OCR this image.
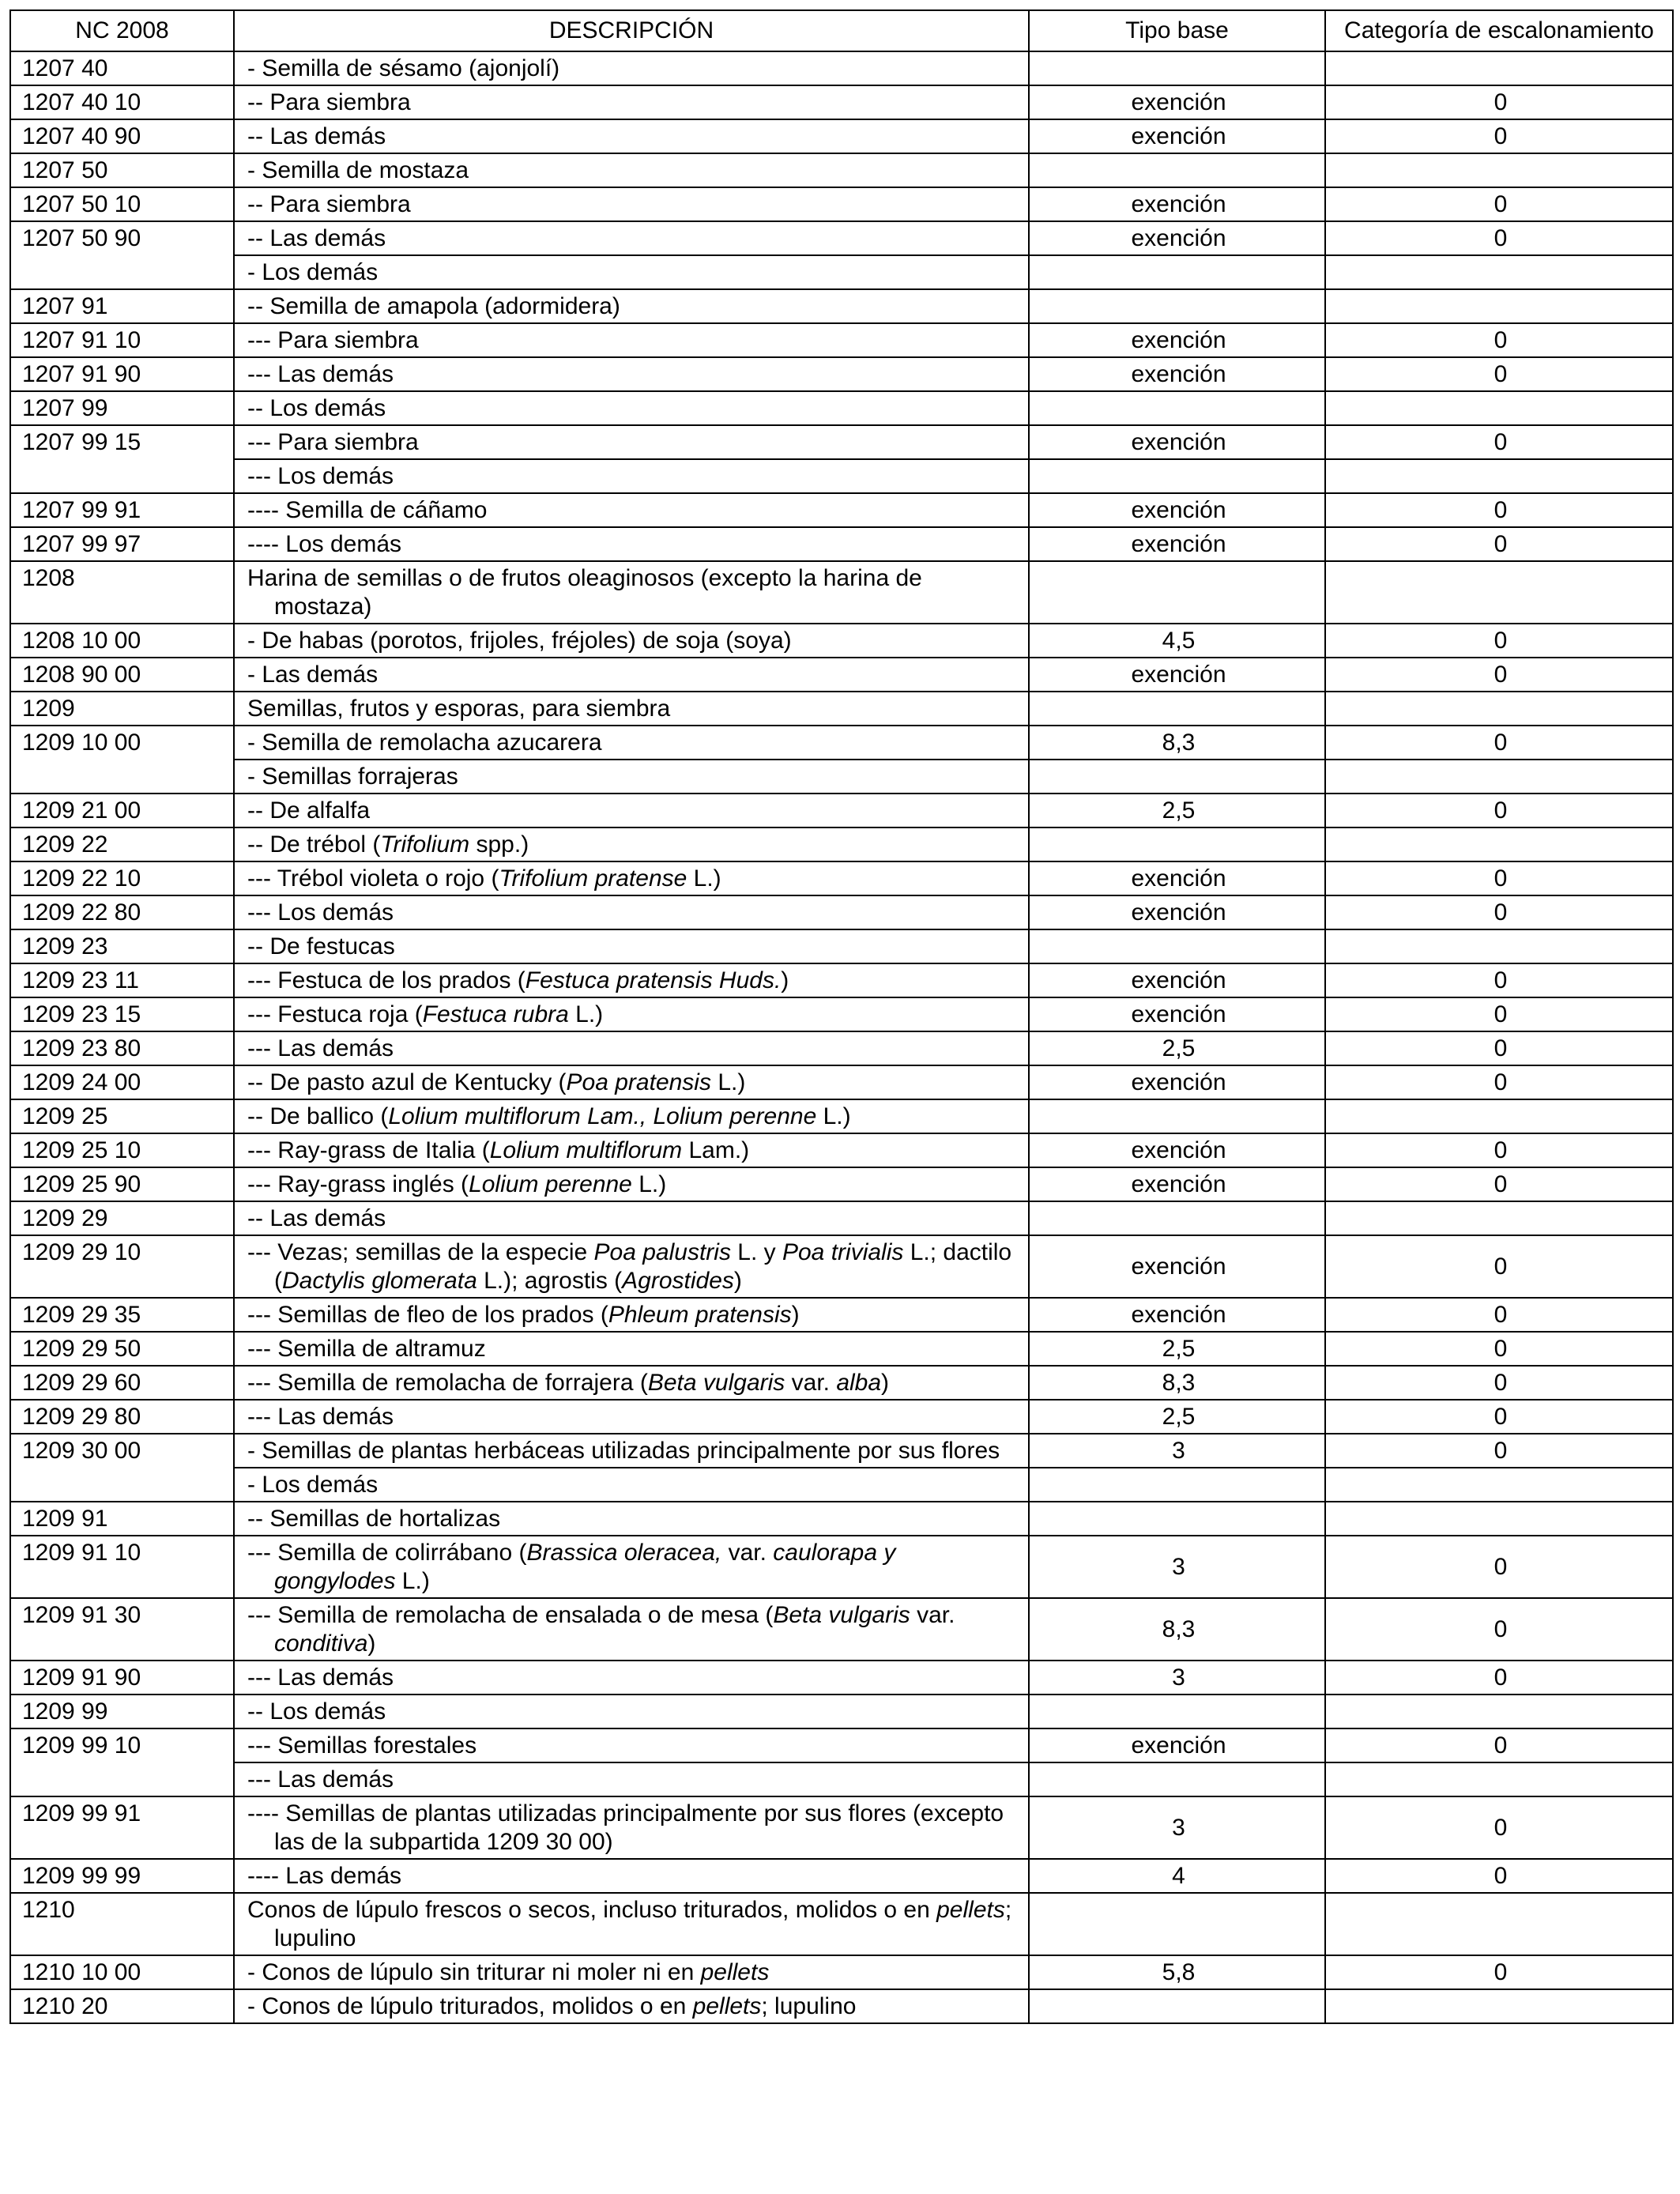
NC 2008	DESCRIPCIÓN	Tipo base	Categoría de escalonamiento
1207 40	- Semilla de sésamo (ajonjolí)		

1207 40 10	-- Para siembra	exención	0
1207 40 90	-- Las demás	exención	0
1207 50	- Semilla de mostaza		

1207 50 10	-- Para siembra	exención	0
1207 50 90	-- Las demás	exención	0

	- Los demás		

1207 91	-- Semilla de amapola (adormidera)		

1207 91 10	--- Para siembra	exención	0
1207 91 90	--- Las demás	exención	0
1207 99	-- Los demás		

1207 99 15	--- Para siembra	exención	0

	--- Los demás		

1207 99 91	---- Semilla de cáñamo	exención	0
1207 99 97	---- Los demás	exención	0
1208	Harina de semillas o de frutos oleaginosos (excepto la harina de mostaza)		

1208 10 00	- De habas (porotos, frijoles, fréjoles) de soja (soya)	4,5	0
1208 90 00	- Las demás	exención	0
1209	Semillas, frutos y esporas, para siembra		

1209 10 00	- Semilla de remolacha azucarera	8,3	0

	- Semillas forrajeras		

1209 21 00	-- De alfalfa	2,5	0
1209 22	-- De trébol (Trifolium spp.)		

1209 22 10	--- Trébol violeta o rojo (Trifolium pratense L.)	exención	0
1209 22 80	--- Los demás	exención	0
1209 23	-- De festucas		

1209 23 11	--- Festuca de los prados (Festuca pratensis Huds.)	exención	0
1209 23 15	--- Festuca roja (Festuca rubra L.)	exención	0
1209 23 80	--- Las demás	2,5	0
1209 24 00	-- De pasto azul de Kentucky (Poa pratensis L.)	exención	0
1209 25	-- De ballico (Lolium multiflorum Lam., Lolium perenne L.)		

1209 25 10	--- Ray-grass de Italia (Lolium multiflorum Lam.)	exención	0
1209 25 90	--- Ray-grass inglés (Lolium perenne L.)	exención	0
1209 29	-- Las demás		

1209 29 10	--- Vezas; semillas de la especie Poa palustris L. y Poa trivialis L.; dactilo (Dactylis glomerata L.); agrostis (Agrostides)	exención	0
1209 29 35	--- Semillas de fleo de los prados (Phleum pratensis)	exención	0
1209 29 50	--- Semilla de altramuz	2,5	0
1209 29 60	--- Semilla de remolacha de forrajera (Beta vulgaris var. alba)	8,3	0
1209 29 80	--- Las demás	2,5	0
1209 30 00	- Semillas de plantas herbáceas utilizadas principalmente por sus flores	3	0

	- Los demás		

1209 91	-- Semillas de hortalizas		

1209 91 10	--- Semilla de colirrábano (Brassica oleracea, var. caulorapa y gongylodes L.)	3	0
1209 91 30	--- Semilla de remolacha de ensalada o de mesa (Beta vulgaris var. conditiva)	8,3	0
1209 91 90	--- Las demás	3	0
1209 99	-- Los demás		

1209 99 10	--- Semillas forestales	exención	0

	--- Las demás		

1209 99 91	---- Semillas de plantas utilizadas principalmente por sus flores (excepto las de la subpartida 1209 30 00)	3	0
1209 99 99	---- Las demás	4	0
1210	Conos de lúpulo frescos o secos, incluso triturados, molidos o en pellets; lupulino		

1210 10 00	- Conos de lúpulo sin triturar ni moler ni en pellets	5,8	0
1210 20	- Conos de lúpulo triturados, molidos o en pellets; lupulino		
